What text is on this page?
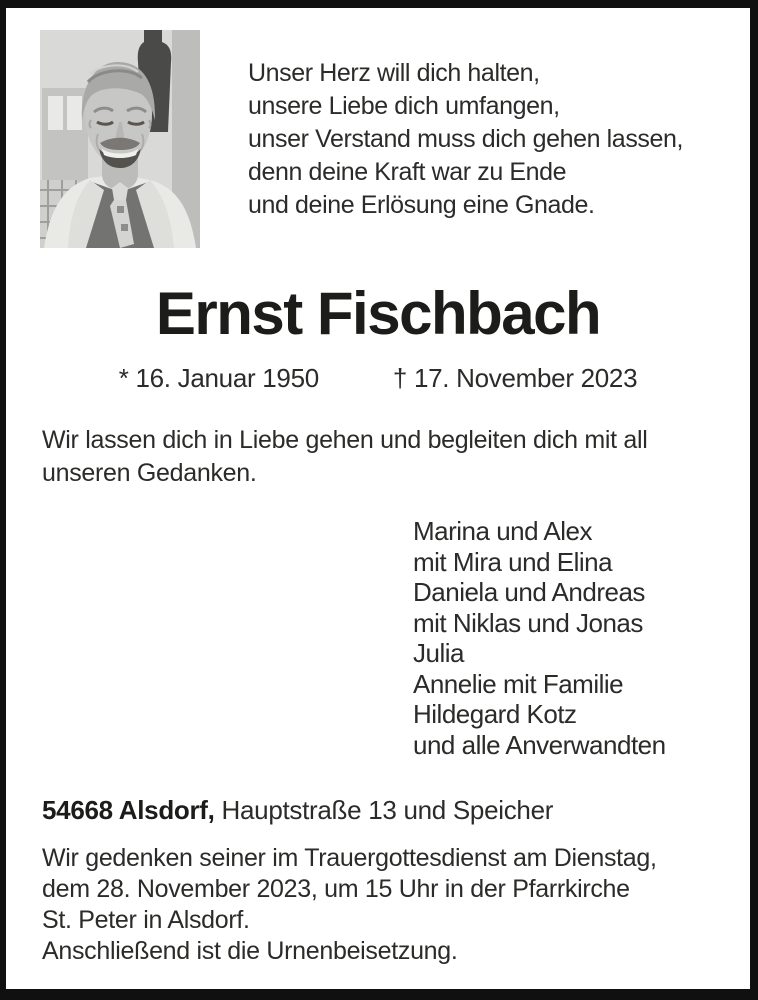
Unser Herz will dich halten,
unsere Liebe dich umfangen,
unser Verstand muss dich gehen lassen,
denn deine Kraft war zu Ende
und deine Erlösung eine Gnade.
Ernst Fischbach
* 16. Januar 1950	† 17. November 2023
Wir lassen dich in Liebe gehen und begleiten dich mit all
unseren Gedanken.
Marina und Alex
mit Mira und Elina
Daniela und Andreas
mit Niklas und Jonas
Julia
Annelie mit Familie
Hildegard Kotz
und alle Anverwandten
54668 Alsdorf, Hauptstraße 13 und Speicher
Wir gedenken seiner im Trauergottesdienst am Dienstag,
dem 28. November 2023, um 15 Uhr in der Pfarrkirche
St. Peter in Alsdorf.
Anschließend ist die Urnenbeisetzung.
